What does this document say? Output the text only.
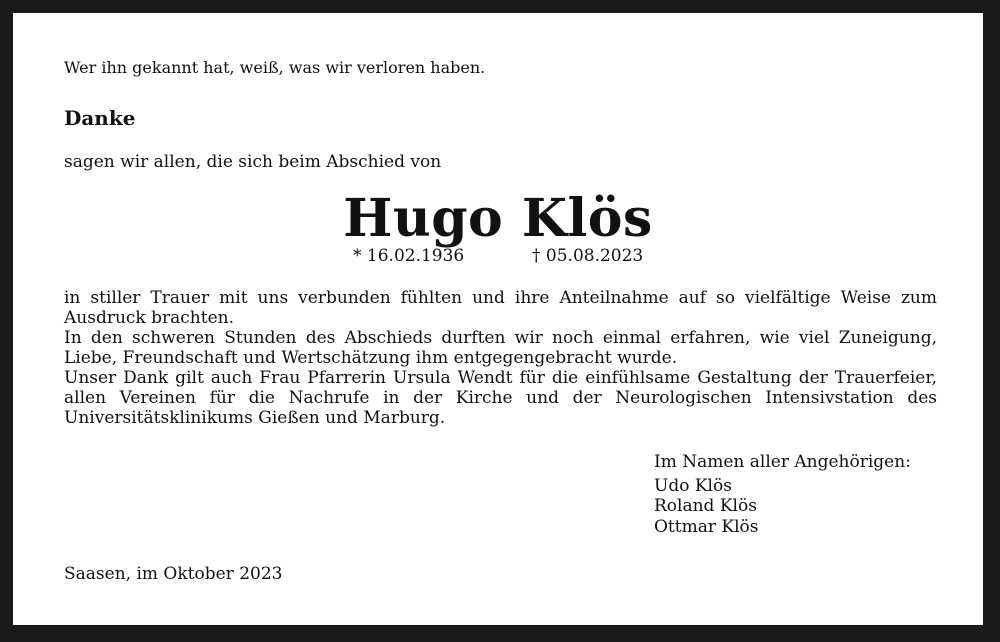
Wer ihn gekannt hat, weiß, was wir verloren haben.

Danke

sagen wir allen, die sich beim Abschied von

Hugo Klös
* 16.02.1936	† 05.08.2023

in stiller Trauer mit uns verbunden fühlten und ihre Anteilnahme auf so vielfältige Weise zum Ausdruck brachten.

In den schweren Stunden des Abschieds durften wir noch einmal erfahren, wie viel Zuneigung, Liebe, Freundschaft und Wertschätzung ihm entgegengebracht wurde.

Unser Dank gilt auch Frau Pfarrerin Ursula Wendt für die einfühlsame Gestaltung der Trauerfeier, allen Vereinen für die Nachrufe in der Kirche und der Neurologischen Intensivstation des Universitätsklinikums Gießen und Marburg.

Im Namen aller Angehörigen:
Udo Klös
Roland Klös
Ottmar Klös

Saasen, im Oktober 2023
